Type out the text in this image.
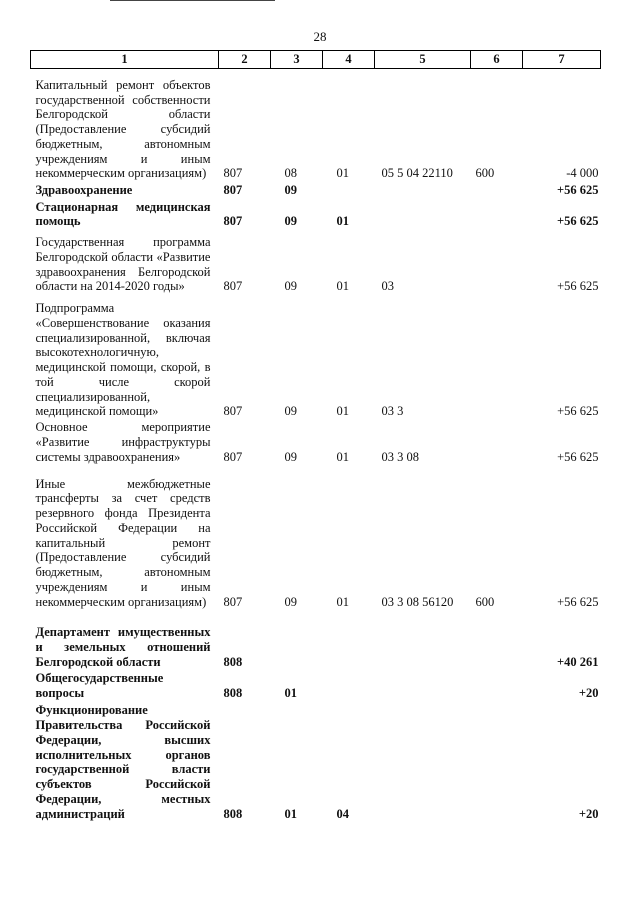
28
1	2	3	4	5	6	7
Капитальный ремонт объектов государственной собственности Белгородской области (Предоставление субсидий бюджетным, автономным учреждениям и иным некоммерческим организациям)	807	08	01	05 5 04 22110	600	-4 000
Здравоохранение	807	09				+56 625
Стационарная медицинская помощь	807	09	01			+56 625
Государственная программа Белгородской области «Развитие здравоохранения Белгородской области на 2014-2020 годы»	807	09	01	03		+56 625
Подпрограмма «Совершенствование оказания специализированной, включая высокотехнологичную, медицинской помощи, скорой, в той числе скорой специализированной, медицинской помощи»	807	09	01	03 3		+56 625
Основное мероприятие «Развитие инфраструктуры системы здравоохранения»	807	09	01	03 3 08		+56 625
Иные межбюджетные трансферты за счет средств резервного фонда Президента Российской Федерации на капитальный ремонт (Предоставление субсидий бюджетным, автономным учреждениям и иным некоммерческим организациям)	807	09	01	03 3 08 56120	600	+56 625
Департамент имущественных и земельных отношений Белгородской области	808					+40 261
Общегосударственные вопросы	808	01				+20
Функционирование Правительства Российской Федерации, высших исполнительных органов государственной власти субъектов Российской Федерации, местных администраций	808	01	04			+20
